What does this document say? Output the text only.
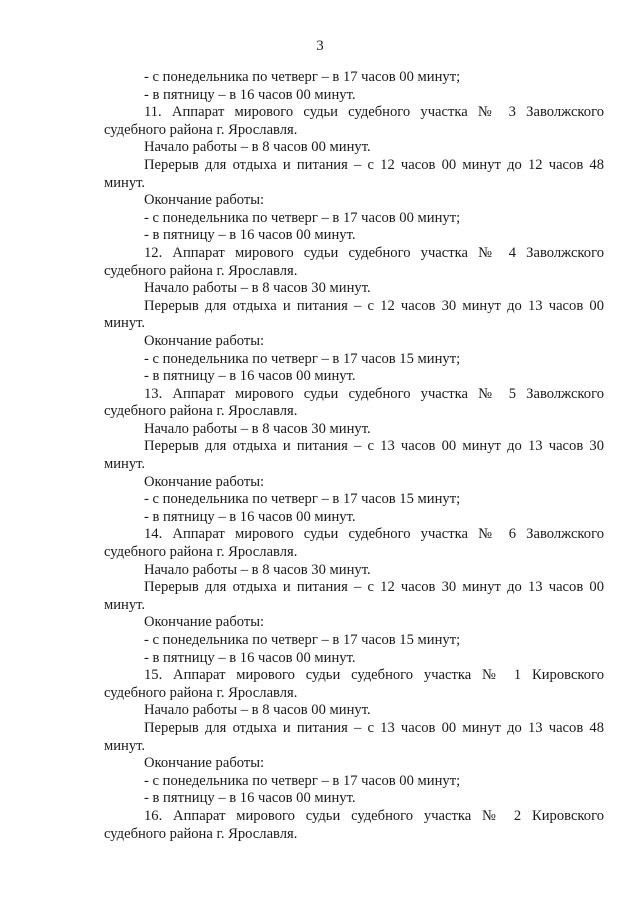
3

- с понедельника по четверг – в 17 часов 00 минут;

- в пятницу – в 16 часов 00 минут.

11. Аппарат мирового судьи судебного участка № 3 Заволжского судебного района г. Ярославля.

Начало работы – в 8 часов 00 минут.

Перерыв для отдыха и питания – с 12 часов 00 минут до 12 часов 48 минут.

Окончание работы:

- с понедельника по четверг – в 17 часов 00 минут;

- в пятницу – в 16 часов 00 минут.

12. Аппарат мирового судьи судебного участка № 4 Заволжского судебного района г. Ярославля.

Начало работы – в 8 часов 30 минут.

Перерыв для отдыха и питания – с 12 часов 30 минут до 13 часов 00 минут.

Окончание работы:

- с понедельника по четверг – в 17 часов 15 минут;

- в пятницу – в 16 часов 00 минут.

13. Аппарат мирового судьи судебного участка № 5 Заволжского судебного района г. Ярославля.

Начало работы – в 8 часов 30 минут.

Перерыв для отдыха и питания – с 13 часов 00 минут до 13 часов 30 минут.

Окончание работы:

- с понедельника по четверг – в 17 часов 15 минут;

- в пятницу – в 16 часов 00 минут.

14. Аппарат мирового судьи судебного участка № 6 Заволжского судебного района г. Ярославля.

Начало работы – в 8 часов 30 минут.

Перерыв для отдыха и питания – с 12 часов 30 минут до 13 часов 00 минут.

Окончание работы:

- с понедельника по четверг – в 17 часов 15 минут;

- в пятницу – в 16 часов 00 минут.

15. Аппарат мирового судьи судебного участка № 1 Кировского судебного района г. Ярославля.

Начало работы – в 8 часов 00 минут.

Перерыв для отдыха и питания – с 13 часов 00 минут до 13 часов 48 минут.

Окончание работы:

- с понедельника по четверг – в 17 часов 00 минут;

- в пятницу – в 16 часов 00 минут.

16. Аппарат мирового судьи судебного участка № 2 Кировского судебного района г. Ярославля.
